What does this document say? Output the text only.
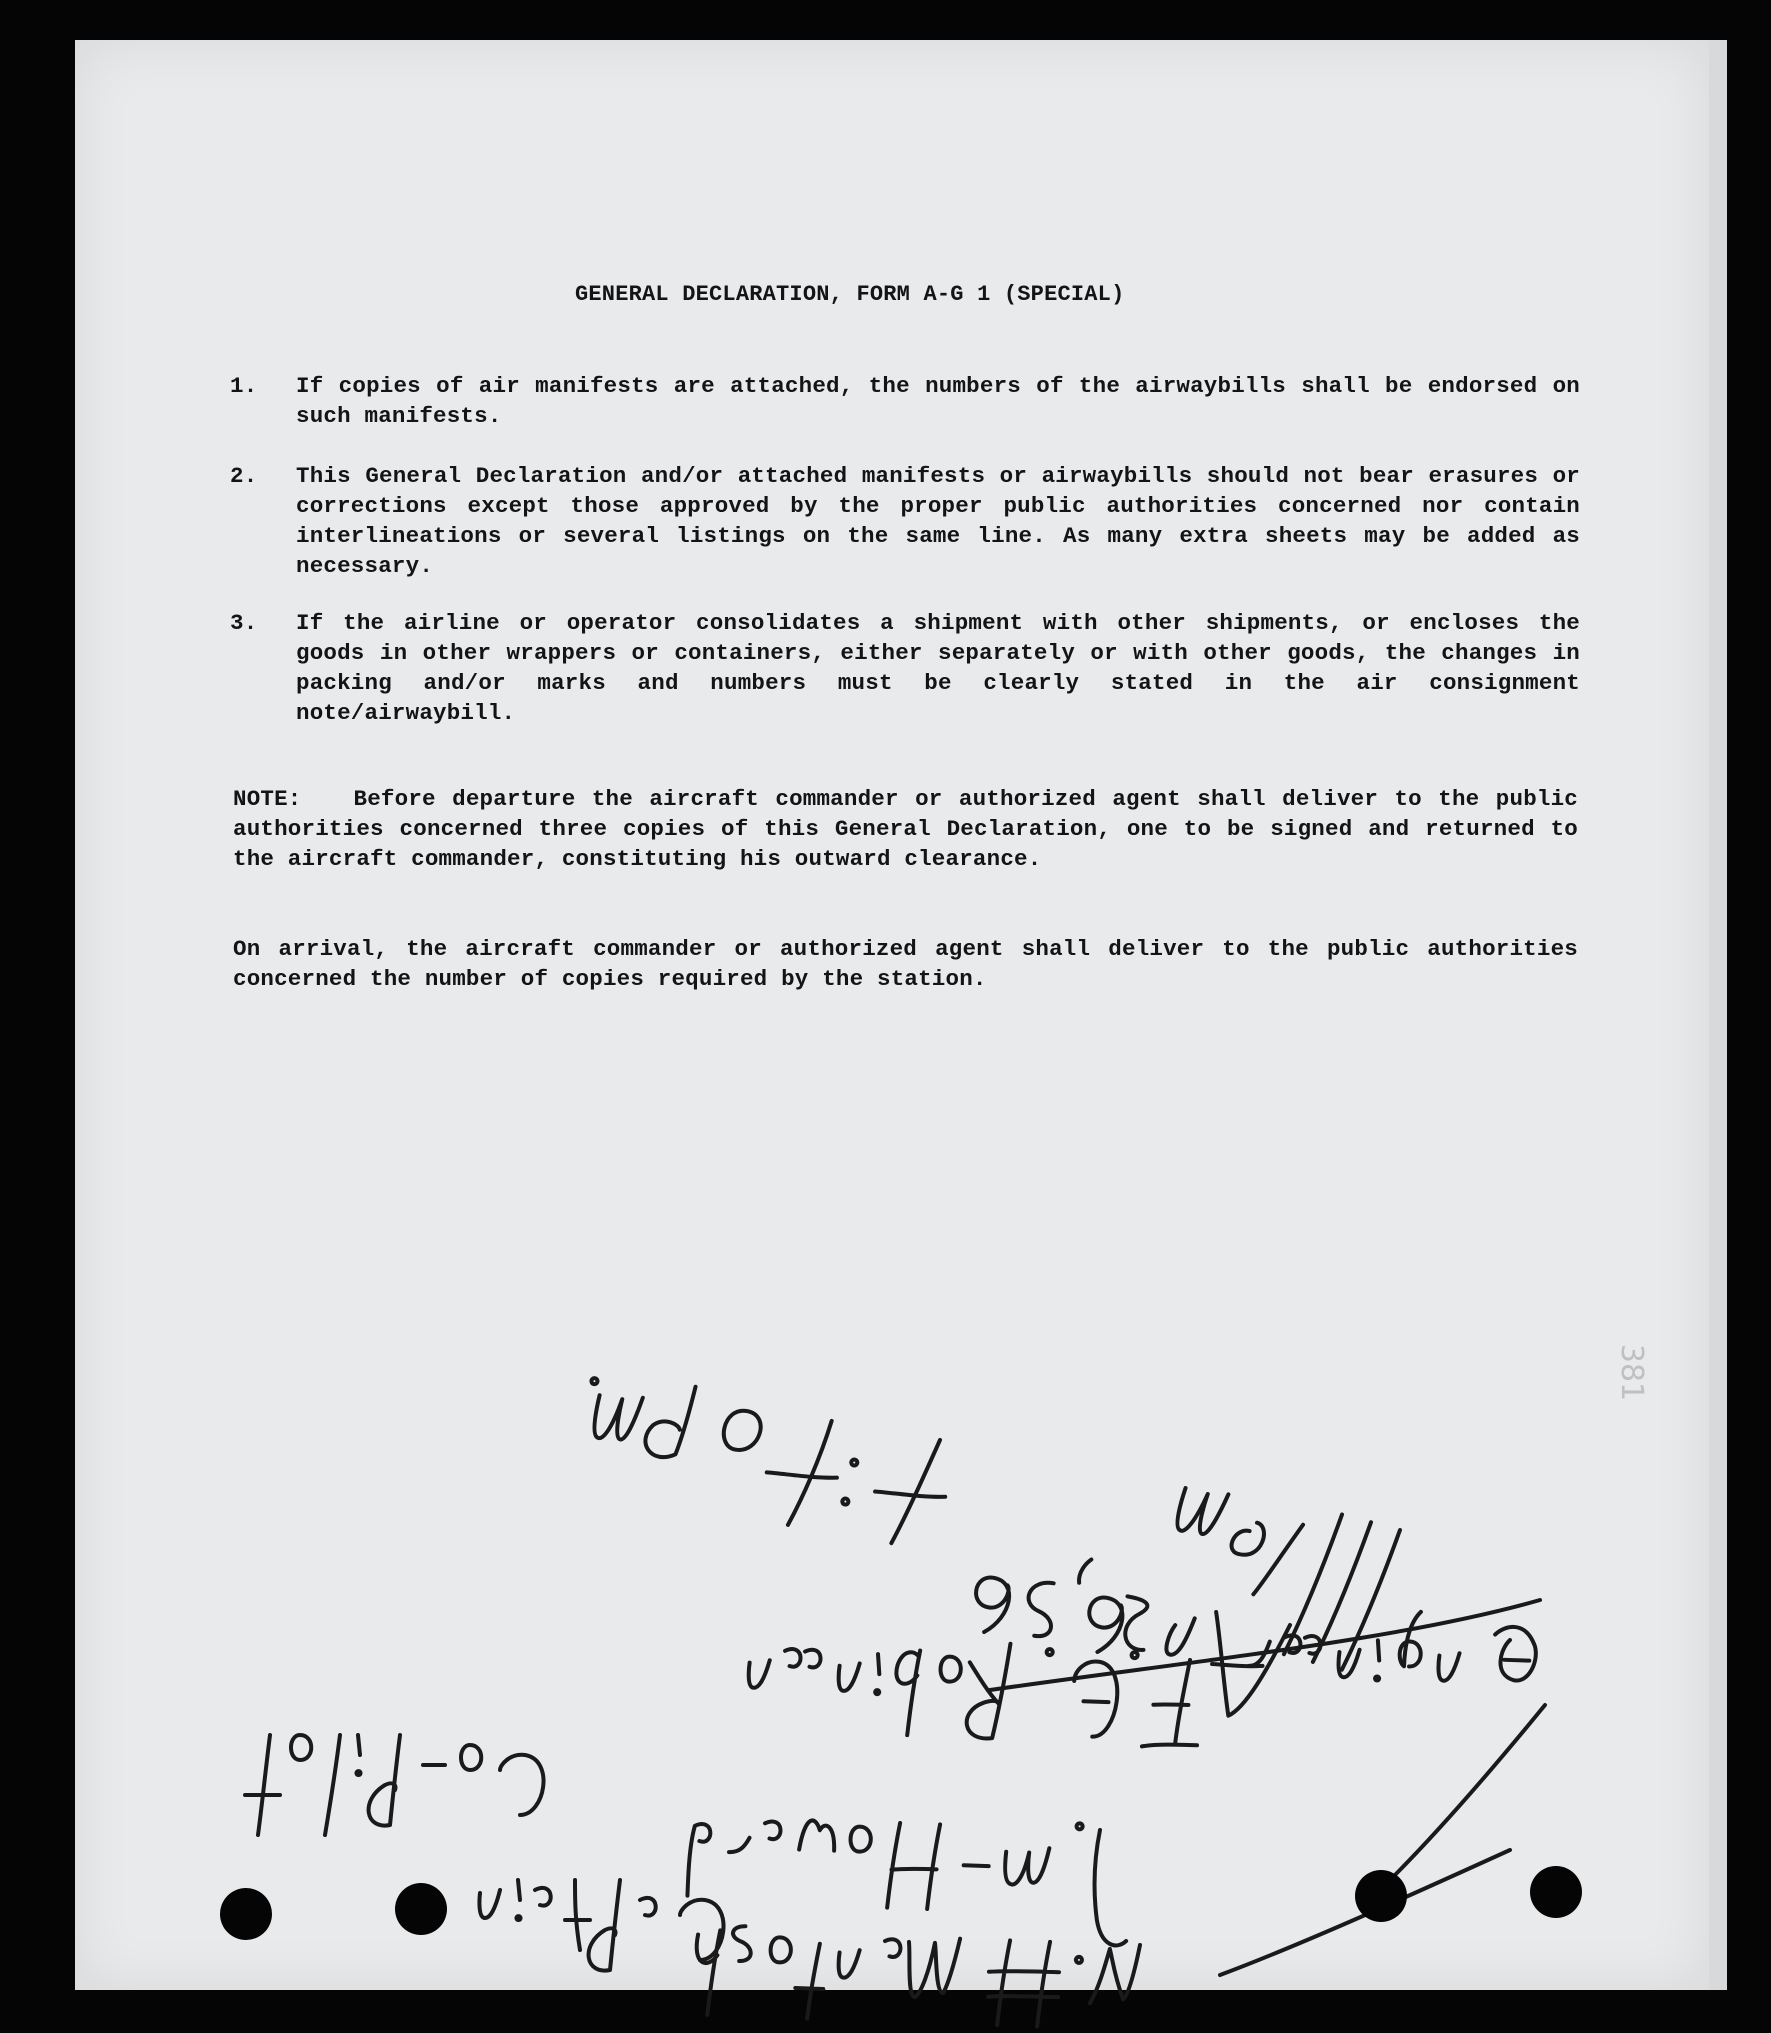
GENERAL DECLARATION, FORM A-G 1 (SPECIAL)
1.	If copies of air manifests are attached, the numbers of the airwaybills shall be endorsed on such manifests.
2.	This General Declaration and/or attached manifests or airwaybills should not bear erasures or corrections except those approved by the proper public authorities concerned nor contain interlineations or several listings on the same line. As many extra sheets may be added as necessary.
3.	If the airline or operator consolidates a shipment with other shipments, or encloses the goods in other wrappers or containers, either separately or with other goods, the changes in packing and/or marks and numbers must be clearly stated in the air consignment note/airwaybill.
NOTE: Before departure the aircraft commander or authorized agent shall deliver to the public authorities concerned three copies of this General Declaration, one to be signed and returned to the aircraft commander, constituting his outward clearance.
On arrival, the aircraft commander or authorized agent shall deliver to the public authorities concerned the number of copies required by the station.
381
